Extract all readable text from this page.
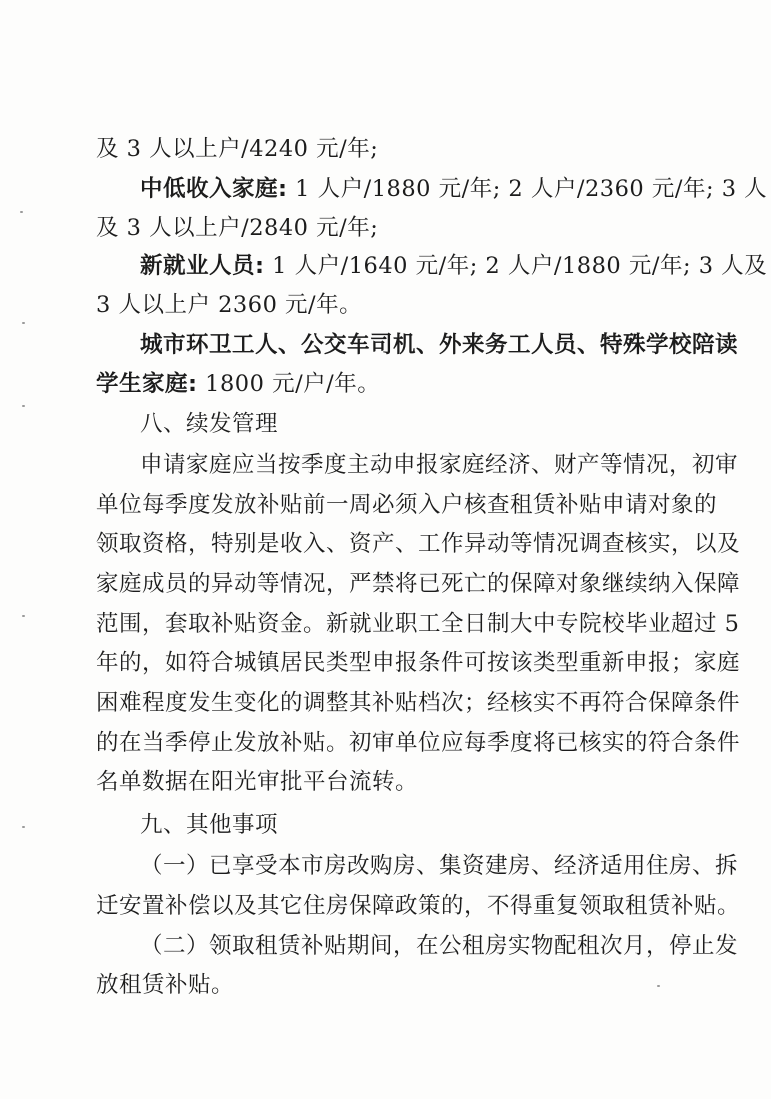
及 3 人以上户/4240 元/年;
中低收入家庭: 1 人户/1880 元/年; 2 人户/2360 元/年; 3 人
及 3 人以上户/2840 元/年;
新就业人员: 1 人户/1640 元/年; 2 人户/1880 元/年; 3 人及
3 人以上户 2360 元/年。
城市环卫工人、公交车司机、外来务工人员、特殊学校陪读
学生家庭: 1800 元/户/年。
八、续发管理
申请家庭应当按季度主动申报家庭经济、财产等情况，初审
单位每季度发放补贴前一周必须入户核查租赁补贴申请对象的
领取资格，特别是收入、资产、工作异动等情况调查核实，以及
家庭成员的异动等情况，严禁将已死亡的保障对象继续纳入保障
范围，套取补贴资金。新就业职工全日制大中专院校毕业超过 5
年的，如符合城镇居民类型申报条件可按该类型重新申报；家庭
困难程度发生变化的调整其补贴档次；经核实不再符合保障条件
的在当季停止发放补贴。初审单位应每季度将已核实的符合条件
名单数据在阳光审批平台流转。
九、其他事项
（一）已享受本市房改购房、集资建房、经济适用住房、拆
迁安置补偿以及其它住房保障政策的，不得重复领取租赁补贴。
（二）领取租赁补贴期间，在公租房实物配租次月，停止发
放租赁补贴。
